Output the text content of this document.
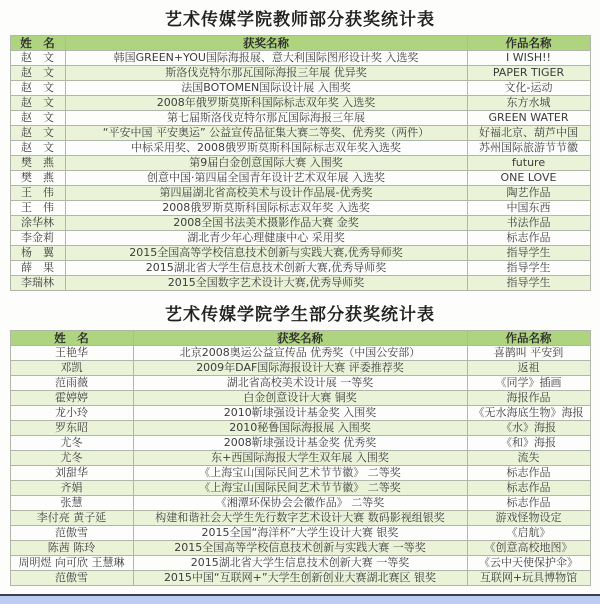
艺术传媒学院教师部分获奖统计表
姓　名	获奖名称	作品名称
赵　文	韩国GREEN+YOU国际海报展、意大利国际图形设计奖 入选奖	I WISH!!
赵　文	斯洛伐克特尔那瓦国际海报三年展 优异奖	PAPER TIGER
赵　文	法国BOTOMEN国际设计展 入围奖	文化-运动
赵　文	2008年俄罗斯莫斯科国际标志双年奖 入选奖	东方水城
赵　文	第七届斯洛伐克特尔那瓦国际海报三年展	GREEN WATER
赵　文	“平安中国 平安奥运” 公益宣传品征集大赛二等奖、优秀奖（两件）	好福北京、葫芦中国
赵　文	中标采用奖、2008俄罗斯莫斯科国际标志双年奖入选奖	苏州国际旅游节节徽
樊　燕	第9届白金创意国际大赛 入围奖	future
樊　燕	创意中国·第四届全国青年设计艺术双年展 入选奖	ONE LOVE
王　伟	第四届湖北省高校美术与设计作品展-优秀奖	陶艺作品
王　伟	2008俄罗斯莫斯科国际标志双年奖 入选奖	中国东西
涂华林	2008全国书法美术摄影作品大赛 金奖	书法作品
李金莉	湖北青少年心理健康中心 采用奖	标志作品
杨　翼	2015全国高等学校信息技术创新与实践大赛,优秀导师奖	指导学生
薛　果	2015湖北省大学生信息技术创新大赛,优秀导师奖	指导学生
李瑞林	2015全国数字艺术设计大赛,优秀导师奖	指导学生
艺术传媒学院学生部分获奖统计表
姓　名	获奖名称	作品名称
王艳华	北京2008奥运公益宣传品 优秀奖（中国公安部）	喜鹊叫 平安到
邓凯	2009年DAF国际海报设计大赛 评委推荐奖	返祖
范雨薇	湖北省高校美术设计展 一等奖	《同学》插画
霍婷婷	白金创意设计大赛 铜奖	海报作品
龙小玲	2010靳埭强设计基金奖 入围奖	《无水海底生物》海报
罗东昭	2010秘鲁国际海报展 入围奖	《水》海报
尤冬	2008靳埭强设计基金奖 优秀奖	《和》海报
尤冬	东+西国际海报大学生双年展 入围奖	流失
刘甜华	《上海宝山国际民间艺术节节徽》 二等奖	标志作品
齐娟	《上海宝山国际民间艺术节节徽》 二等奖	标志作品
张慧	《湘潭环保协会会徽作品》 二等奖	标志作品
李付亮 黄子延	构建和谐社会大学生先行数字艺术设计大赛 数码影视组银奖	游戏怪物设定
范傲雪	2015全国“海洋杯”大学生设计大赛 银奖	《启航》
陈茜 陈玲	2015全国高等学校信息技术创新与实践大赛 一等奖	《创意高校地图》
周明煜 向可欣 王慧琳	2015湖北省大学生信息技术创新大赛 一等奖	《云中天使保护伞》
范傲雪	2015中国“互联网+”大学生创新创业大赛湖北赛区 银奖	互联网+玩具博物馆
